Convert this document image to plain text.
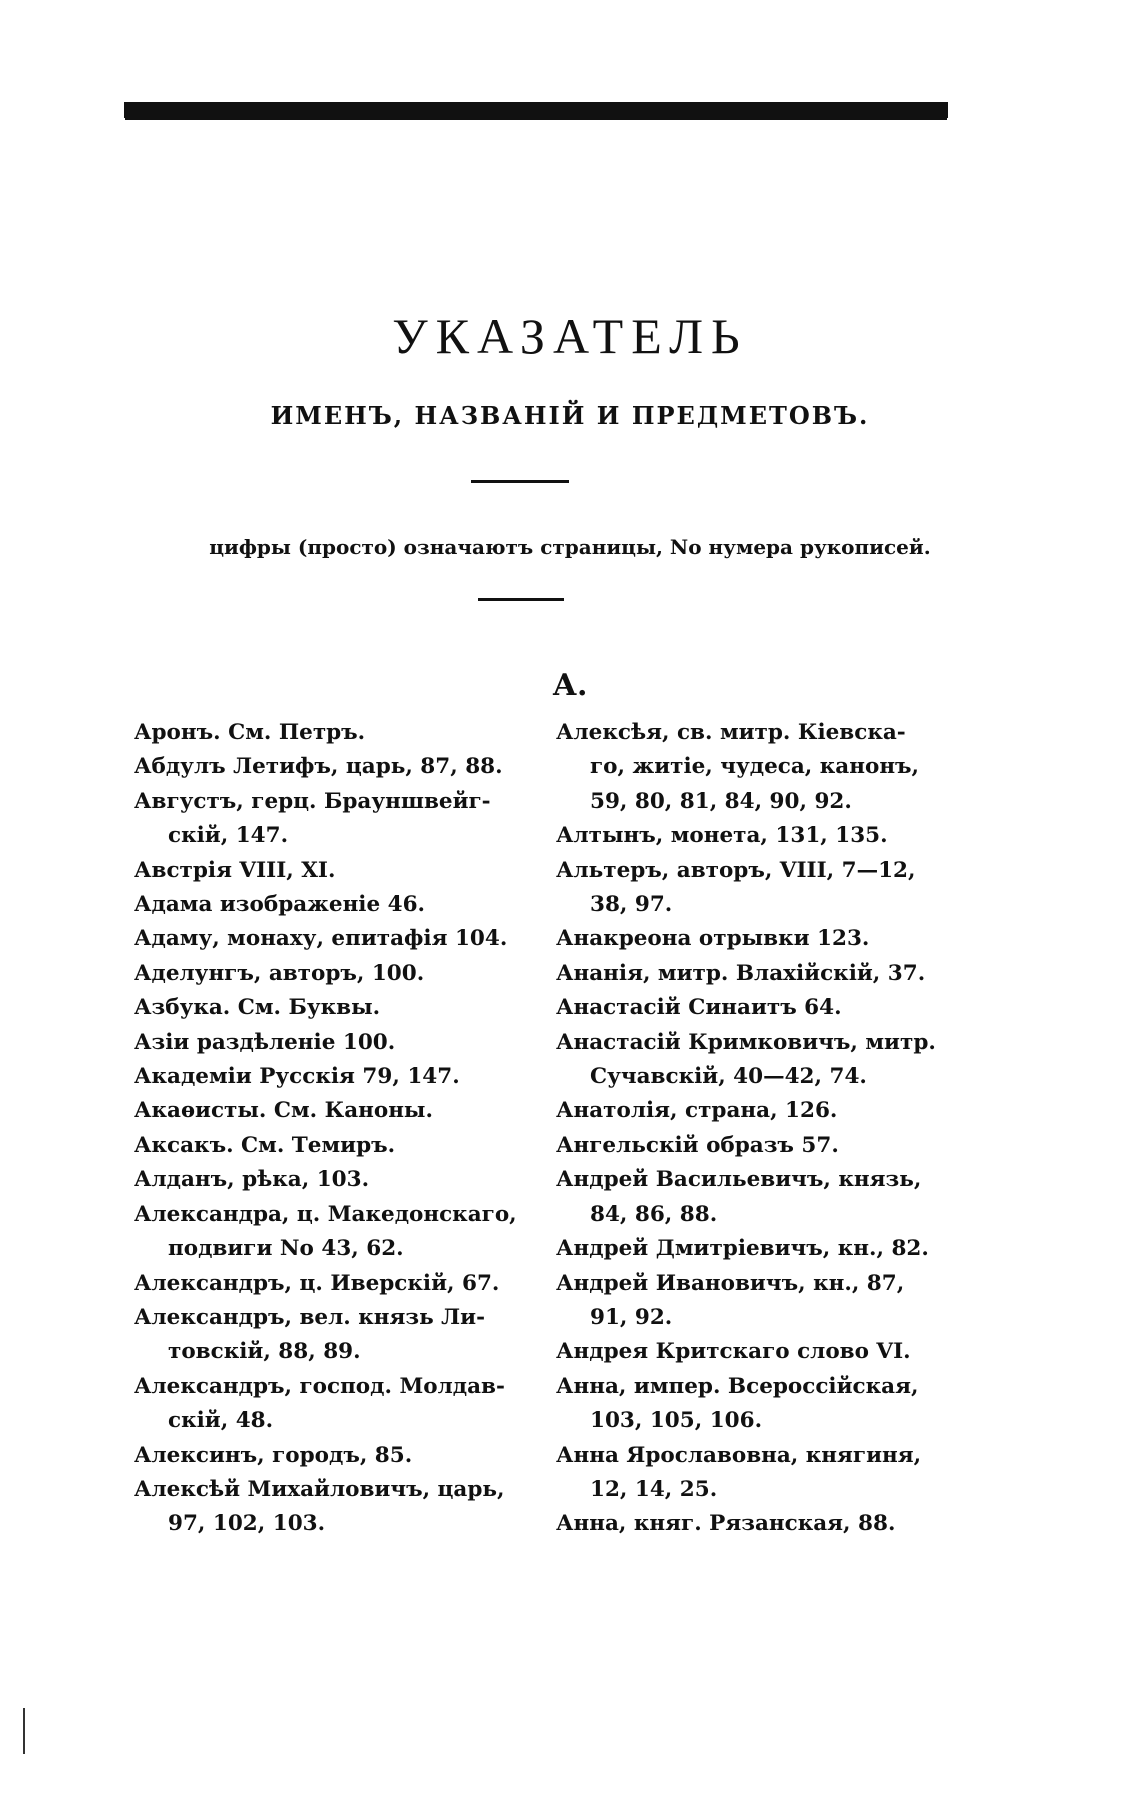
УКАЗАТЕЛЬ
ИМЕНЪ, НАЗВАНІЙ И ПРЕДМЕТОВЪ.
цифры (просто) означаютъ страницы, No нумера рукописей.
А.
Аронъ. См. Петръ.
Абдулъ Летифъ, царь, 87, 88.
Августъ, герц. Брауншвейг-
скій, 147.
Австрія VIII, XI.
Адама изображеніе 46.
Адаму, монаху, епитафія 104.
Аделунгъ, авторъ, 100.
Азбука. См. Буквы.
Азіи раздѣленіе 100.
Академіи Русскія 79, 147.
Акаѳисты. См. Каноны.
Аксакъ. См. Темиръ.
Алданъ, рѣка, 103.
Александра, ц. Македонскаго,
подвиги No 43, 62.
Александръ, ц. Иверскій, 67.
Александръ, вел. князь Ли-
товскій, 88, 89.
Александръ, господ. Молдав-
скій, 48.
Алексинъ, городъ, 85.
Алексѣй Михайловичъ, царь,
97, 102, 103.
Алексѣя, св. митр. Кіевска-
го, житіе, чудеса, канонъ,
59, 80, 81, 84, 90, 92.
Алтынъ, монета, 131, 135.
Альтеръ, авторъ, VIII, 7—12,
38, 97.
Анакреона отрывки 123.
Ананія, митр. Влахійскій, 37.
Анастасій Синаитъ 64.
Анастасій Кримковичъ, митр.
Сучавскій, 40—42, 74.
Анатолія, страна, 126.
Ангельскій образъ 57.
Андрей Васильевичъ, князь,
84, 86, 88.
Андрей Дмитріевичъ, кн., 82.
Андрей Ивановичъ, кн., 87,
91, 92.
Андрея Критскаго слово VI.
Анна, импер. Всероссійская,
103, 105, 106.
Анна Ярославовна, княгиня,
12, 14, 25.
Анна, княг. Рязанская, 88.
